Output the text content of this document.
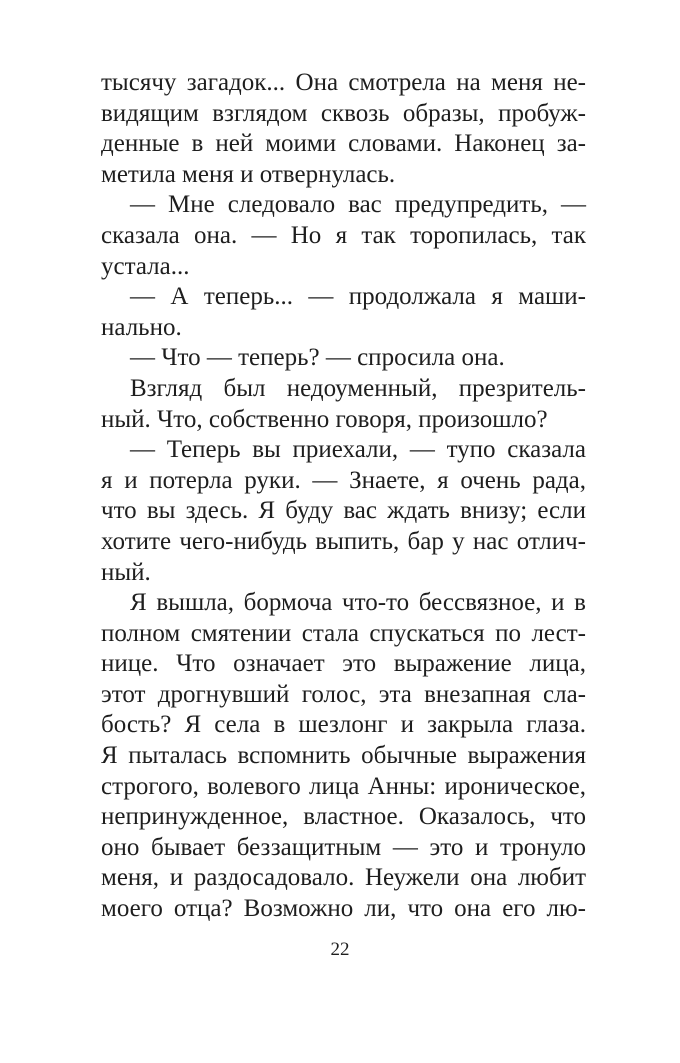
тысячу загадок... Она смотрела на меня не-
видящим взглядом сквозь образы, пробуж-
денные в ней моими словами. Наконец за-
метила меня и отвернулась.
— Мне следовало вас предупредить, —
сказала она. — Но я так торопилась, так
устала...
— А теперь... — продолжала я маши-
нально.
— Что — теперь? — спросила она.
Взгляд был недоуменный, презритель-
ный. Что, собственно говоря, произошло?
— Теперь вы приехали, — тупо сказала
я и потерла руки. — Знаете, я очень рада,
что вы здесь. Я буду вас ждать внизу; если
хотите чего-нибудь выпить, бар у нас отлич-
ный.
Я вышла, бормоча что-то бессвязное, и в
полном смятении стала спускаться по лест-
нице. Что означает это выражение лица,
этот дрогнувший голос, эта внезапная сла-
бость? Я села в шезлонг и закрыла глаза.
Я пыталась вспомнить обычные выражения
строгого, волевого лица Анны: ироническое,
непринужденное, властное. Оказалось, что
оно бывает беззащитным — это и тронуло
меня, и раздосадовало. Неужели она любит
моего отца? Возможно ли, что она его лю-
22
